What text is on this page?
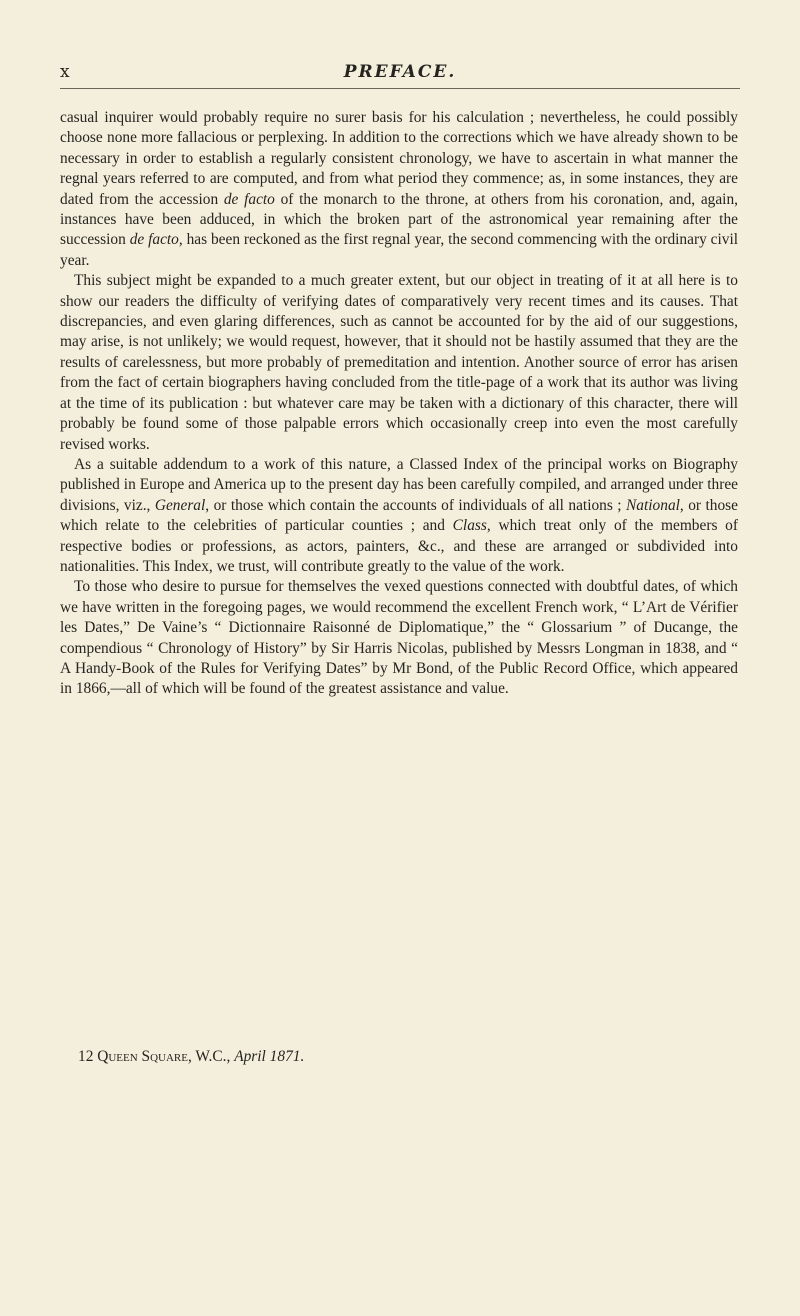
x	PREFACE.

casual inquirer would probably require no surer basis for his calculation ; nevertheless, he could possibly choose none more fallacious or perplexing. In addition to the corrections which we have already shown to be necessary in order to establish a regularly consistent chronology, we have to ascertain in what manner the regnal years referred to are computed, and from what period they commence; as, in some instances, they are dated from the accession de facto of the monarch to the throne, at others from his coronation, and, again, instances have been adduced, in which the broken part of the astronomical year remaining after the succession de facto, has been reckoned as the first regnal year, the second commencing with the ordinary civil year.

This subject might be expanded to a much greater extent, but our object in treating of it at all here is to show our readers the difficulty of verifying dates of comparatively very recent times and its causes. That discrepancies, and even glaring differences, such as cannot be accounted for by the aid of our suggestions, may arise, is not unlikely; we would request, however, that it should not be hastily assumed that they are the results of carelessness, but more probably of premeditation and intention. Another source of error has arisen from the fact of certain biographers having concluded from the title-page of a work that its author was living at the time of its publication : but whatever care may be taken with a dictionary of this character, there will probably be found some of those palpable errors which occasionally creep into even the most carefully revised works.

As a suitable addendum to a work of this nature, a Classed Index of the principal works on Biography published in Europe and America up to the present day has been carefully compiled, and arranged under three divisions, viz., General, or those which contain the accounts of individuals of all nations ; National, or those which relate to the celebrities of particular counties ; and Class, which treat only of the members of respective bodies or professions, as actors, painters, &c., and these are arranged or subdivided into nationalities. This Index, we trust, will contribute greatly to the value of the work.

To those who desire to pursue for themselves the vexed questions connected with doubtful dates, of which we have written in the foregoing pages, we would recommend the excellent French work, “ L’Art de Vérifier les Dates,” De Vaine’s “ Dictionnaire Raisonné de Diplomatique,” the “ Glossarium ” of Ducange, the compendious “ Chronology of History” by Sir Harris Nicolas, published by Messrs Longman in 1838, and “ A Handy-Book of the Rules for Verifying Dates” by Mr Bond, of the Public Record Office, which appeared in 1866,—all of which will be found of the greatest assistance and value.

12 Queen Square, W.C., April 1871.
